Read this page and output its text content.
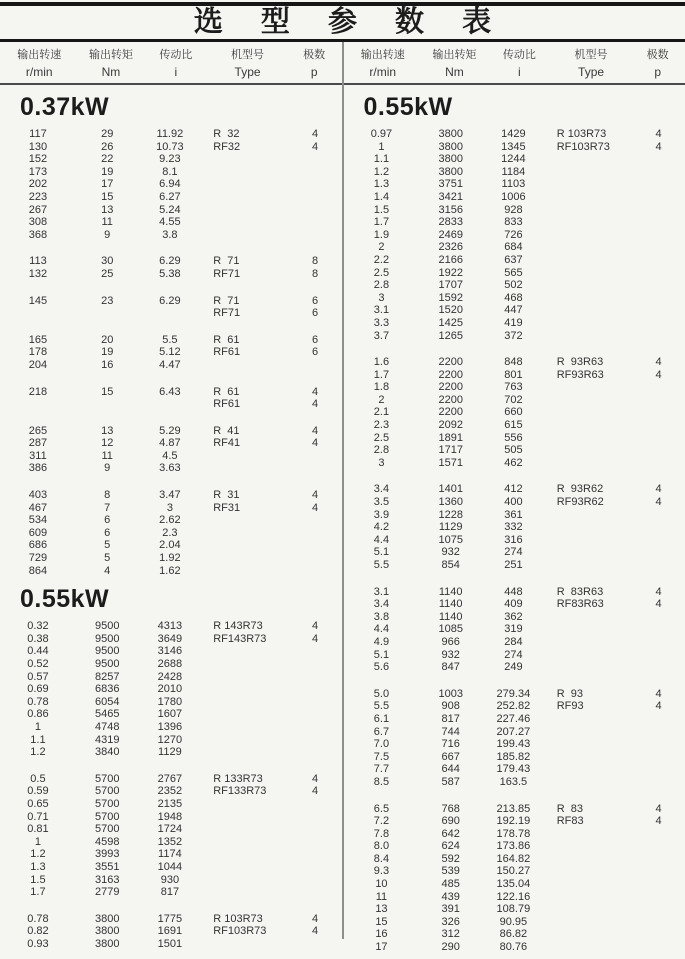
选 型 参 数 表
输出转速	输出转矩	传动比	机型号	极数
r/min	Nm	i	Type	p
0.37kW
117	29	11.92	R  32	4
130	26	10.73	RF32	4
152	22	9.23		
173	19	8.1		
202	17	6.94		
223	15	6.27		
267	13	5.24		
308	11	4.55		
368	9	3.8		
113	30	6.29	R  71	8
132	25	5.38	RF71	8
145	23	6.29	R  71	6
			RF71	6
165	20	5.5	R  61	6
178	19	5.12	RF61	6
204	16	4.47		
218	15	6.43	R  61	4
			RF61	4
265	13	5.29	R  41	4
287	12	4.87	RF41	4
311	11	4.5		
386	9	3.63		
403	8	3.47	R  31	4
467	7	3	RF31	4
534	6	2.62		
609	6	2.3		
686	5	2.04		
729	5	1.92		
864	4	1.62		
0.55kW
0.32	9500	4313	R 143R73	4
0.38	9500	3649	RF143R73	4
0.44	9500	3146		
0.52	9500	2688		
0.57	8257	2428		
0.69	6836	2010		
0.78	6054	1780		
0.86	5465	1607		
1	4748	1396		
1.1	4319	1270		
1.2	3840	1129		
0.5	5700	2767	R 133R73	4
0.59	5700	2352	RF133R73	4
0.65	5700	2135		
0.71	5700	1948		
0.81	5700	1724		
1	4598	1352		
1.2	3993	1174		
1.3	3551	1044		
1.5	3163	930		
1.7	2779	817		
0.78	3800	1775	R 103R73	4
0.82	3800	1691	RF103R73	4
0.93	3800	1501		
输出转速	输出转矩	传动比	机型号	极数
r/min	Nm	i	Type	p
0.55kW
0.97	3800	1429	R 103R73	4
1	3800	1345	RF103R73	4
1.1	3800	1244		
1.2	3800	1184		
1.3	3751	1103		
1.4	3421	1006		
1.5	3156	928		
1.7	2833	833		
1.9	2469	726		
2	2326	684		
2.2	2166	637		
2.5	1922	565		
2.8	1707	502		
3	1592	468		
3.1	1520	447		
3.3	1425	419		
3.7	1265	372		
1.6	2200	848	R  93R63	4
1.7	2200	801	RF93R63	4
1.8	2200	763		
2	2200	702		
2.1	2200	660		
2.3	2092	615		
2.5	1891	556		
2.8	1717	505		
3	1571	462		
3.4	1401	412	R  93R62	4
3.5	1360	400	RF93R62	4
3.9	1228	361		
4.2	1129	332		
4.4	1075	316		
5.1	932	274		
5.5	854	251		
3.1	1140	448	R  83R63	4
3.4	1140	409	RF83R63	4
3.8	1140	362		
4.4	1085	319		
4.9	966	284		
5.1	932	274		
5.6	847	249		
5.0	1003	279.34	R  93	4
5.5	908	252.82	RF93	4
6.1	817	227.46		
6.7	744	207.27		
7.0	716	199.43		
7.5	667	185.82		
7.7	644	179.43		
8.5	587	163.5		
6.5	768	213.85	R  83	4
7.2	690	192.19	RF83	4
7.8	642	178.78		
8.0	624	173.86		
8.4	592	164.82		
9.3	539	150.27		
10	485	135.04		
11	439	122.16		
13	391	108.79		
15	326	90.95		
16	312	86.82		
17	290	80.76		
